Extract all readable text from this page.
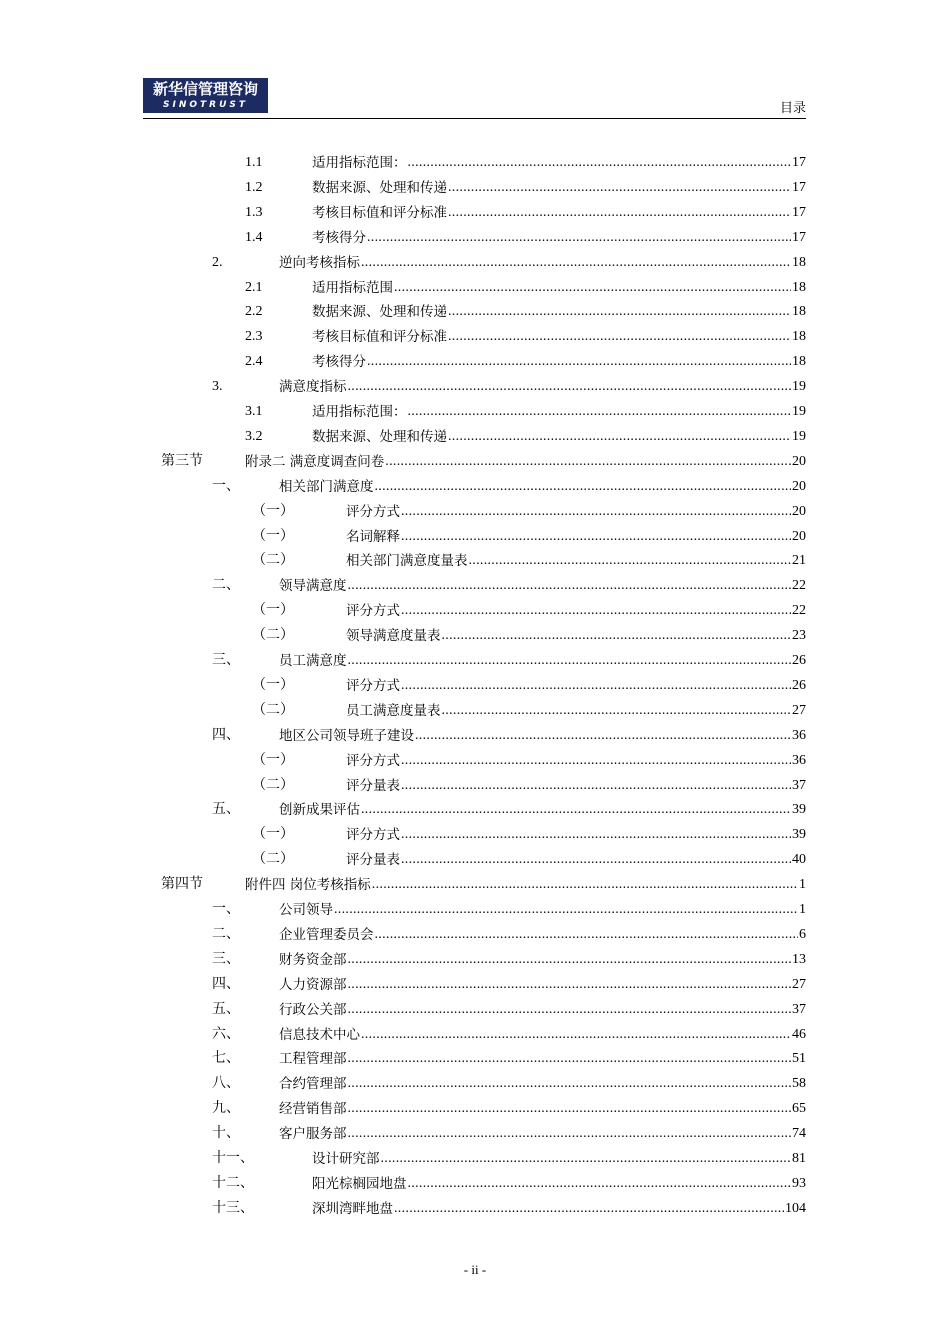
新华信管理咨询
SINOTRUST	目录
1.1	适用指标范围： .....	17
1.2	数据来源、处理和传递 .....	17
1.3	考核目标值和评分标准 .....	17
1.4	考核得分 .....	17
2.	逆向考核指标 .....	18
2.1	适用指标范围 .....	18
2.2	数据来源、处理和传递 .....	18
2.3	考核目标值和评分标准 .....	18
2.4	考核得分 .....	18
3.	满意度指标 .....	19
3.1	适用指标范围： .....	19
3.2	数据来源、处理和传递 .....	19
第三节	附录二 满意度调查问卷 .....	20
一、	相关部门满意度 .....	20
（一）	评分方式 .....	20
（一）	名词解释 .....	20
（二）	相关部门满意度量表 .....	21
二、	领导满意度 .....	22
（一）	评分方式 .....	22
（二）	领导满意度量表 .....	23
三、	员工满意度 .....	26
（一）	评分方式 .....	26
（二）	员工满意度量表 .....	27
四、	地区公司领导班子建设 .....	36
（一）	评分方式 .....	36
（二）	评分量表 .....	37
五、	创新成果评估 .....	39
（一）	评分方式 .....	39
（二）	评分量表 .....	40
第四节	附件四 岗位考核指标 .....	1
一、	公司领导 .....	1
二、	企业管理委员会 .....	6
三、	财务资金部 .....	13
四、	人力资源部 .....	27
五、	行政公关部 .....	37
六、	信息技术中心 .....	46
七、	工程管理部 .....	51
八、	合约管理部 .....	58
九、	经营销售部 .....	65
十、	客户服务部 .....	74
十一、	设计研究部 .....	81
十二、	阳光棕榈园地盘 .....	93
十三、	深圳湾畔地盘 .....	104
- ii -
